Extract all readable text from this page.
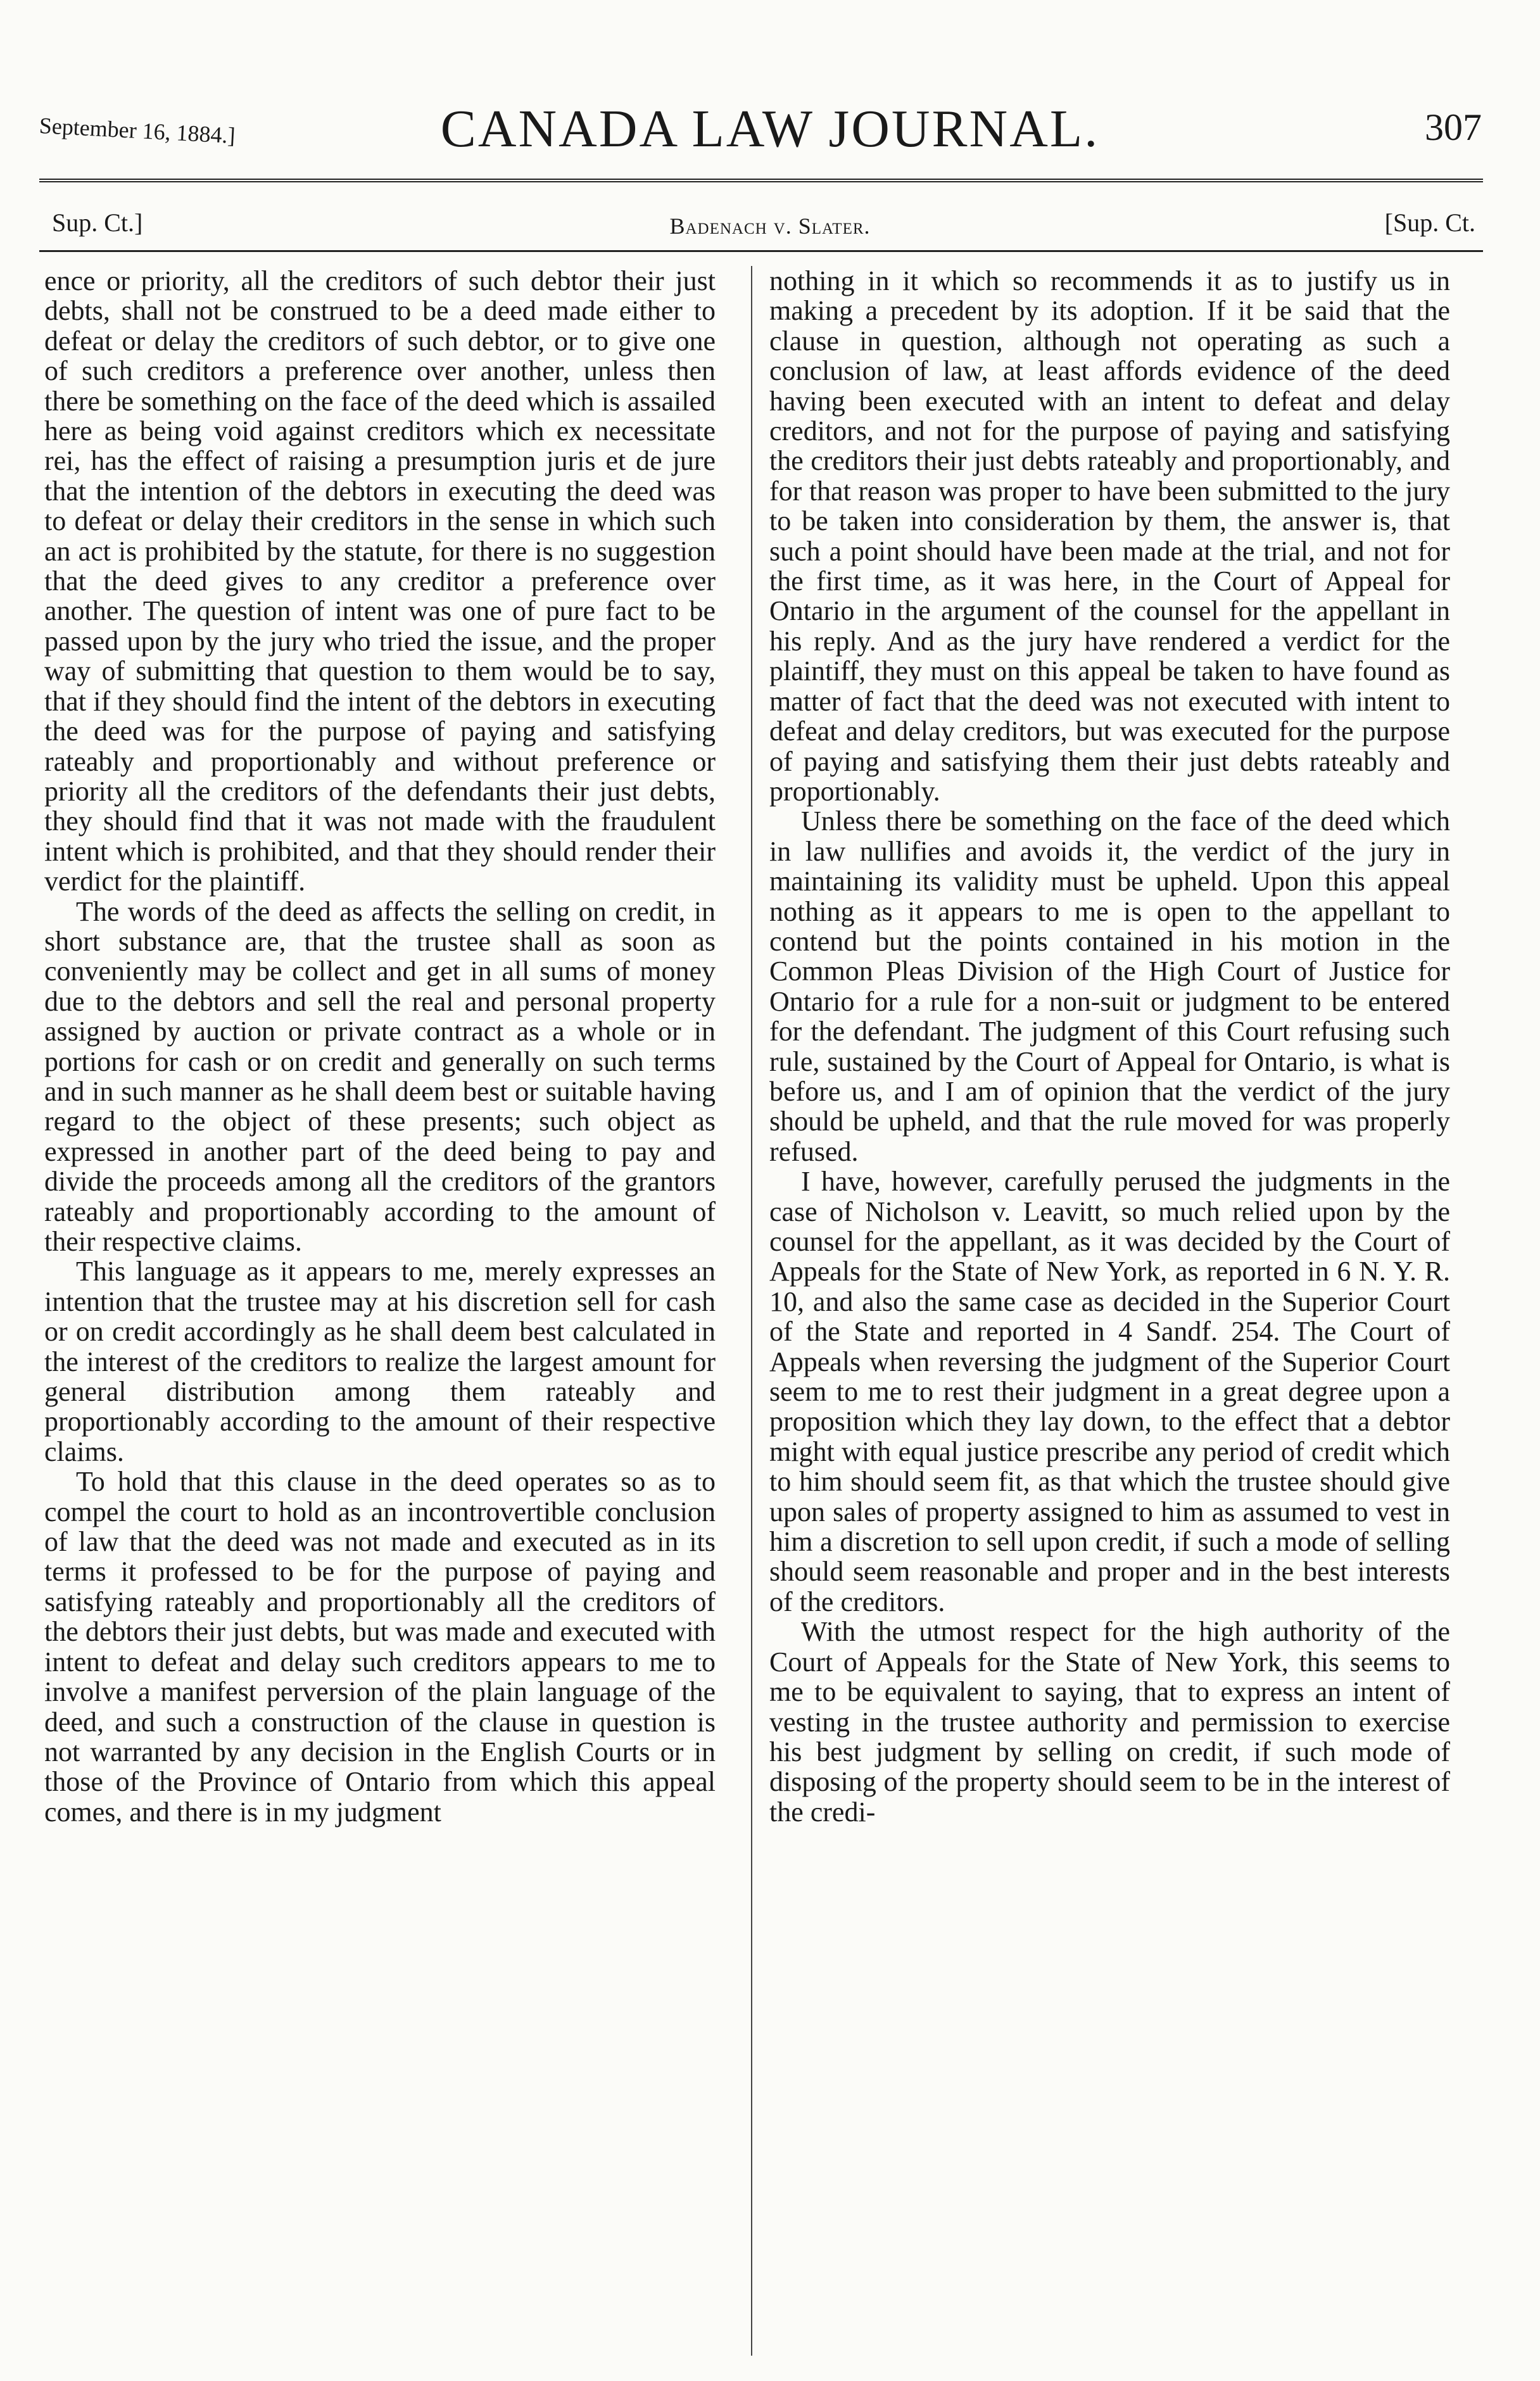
September 16, 1884.]	CANADA LAW JOURNAL.	307
Sup. Ct.]	Badenach v. Slater.	[Sup. Ct.

ence or priority, all the creditors of such debtor their just debts, shall not be construed to be a deed made either to defeat or delay the creditors of such debtor, or to give one of such creditors a preference over another, unless then there be something on the face of the deed which is assailed here as being void against creditors which ex necessitate rei, has the effect of raising a presumption juris et de jure that the intention of the debtors in executing the deed was to defeat or delay their creditors in the sense in which such an act is prohibited by the statute, for there is no suggestion that the deed gives to any creditor a preference over another. The question of intent was one of pure fact to be passed upon by the jury who tried the issue, and the proper way of submitting that question to them would be to say, that if they should find the intent of the debtors in executing the deed was for the purpose of paying and satisfying rateably and proportionably and without preference or priority all the creditors of the defendants their just debts, they should find that it was not made with the fraudulent intent which is prohibited, and that they should render their verdict for the plaintiff.

The words of the deed as affects the selling on credit, in short substance are, that the trustee shall as soon as conveniently may be collect and get in all sums of money due to the debtors and sell the real and personal property assigned by auction or private contract as a whole or in portions for cash or on credit and generally on such terms and in such manner as he shall deem best or suitable having regard to the object of these presents; such object as expressed in another part of the deed being to pay and divide the proceeds among all the creditors of the grantors rateably and proportionably according to the amount of their respective claims.

This language as it appears to me, merely expresses an intention that the trustee may at his discretion sell for cash or on credit accordingly as he shall deem best calculated in the interest of the creditors to realize the largest amount for general distribution among them rateably and proportionably according to the amount of their respective claims.

To hold that this clause in the deed operates so as to compel the court to hold as an incontrovertible conclusion of law that the deed was not made and executed as in its terms it professed to be for the purpose of paying and satisfying rateably and proportionably all the creditors of the debtors their just debts, but was made and executed with intent to defeat and delay such creditors appears to me to involve a manifest perversion of the plain language of the deed, and such a construction of the clause in question is not warranted by any decision in the English Courts or in those of the Province of Ontario from which this appeal comes, and there is in my judgment

nothing in it which so recommends it as to justify us in making a precedent by its adoption. If it be said that the clause in question, although not operating as such a conclusion of law, at least affords evidence of the deed having been executed with an intent to defeat and delay creditors, and not for the purpose of paying and satisfying the creditors their just debts rateably and proportionably, and for that reason was proper to have been submitted to the jury to be taken into consideration by them, the answer is, that such a point should have been made at the trial, and not for the first time, as it was here, in the Court of Appeal for Ontario in the argument of the counsel for the appellant in his reply. And as the jury have rendered a verdict for the plaintiff, they must on this appeal be taken to have found as matter of fact that the deed was not executed with intent to defeat and delay creditors, but was executed for the purpose of paying and satisfying them their just debts rateably and proportionably.

Unless there be something on the face of the deed which in law nullifies and avoids it, the verdict of the jury in maintaining its validity must be upheld. Upon this appeal nothing as it appears to me is open to the appellant to contend but the points contained in his motion in the Common Pleas Division of the High Court of Justice for Ontario for a rule for a non-suit or judgment to be entered for the defendant. The judgment of this Court refusing such rule, sustained by the Court of Appeal for Ontario, is what is before us, and I am of opinion that the verdict of the jury should be upheld, and that the rule moved for was properly refused.

I have, however, carefully perused the judgments in the case of Nicholson v. Leavitt, so much relied upon by the counsel for the appellant, as it was decided by the Court of Appeals for the State of New York, as reported in 6 N. Y. R. 10, and also the same case as decided in the Superior Court of the State and reported in 4 Sandf. 254. The Court of Appeals when reversing the judgment of the Superior Court seem to me to rest their judgment in a great degree upon a proposition which they lay down, to the effect that a debtor might with equal justice prescribe any period of credit which to him should seem fit, as that which the trustee should give upon sales of property assigned to him as assumed to vest in him a discretion to sell upon credit, if such a mode of selling should seem reasonable and proper and in the best interests of the creditors.

With the utmost respect for the high authority of the Court of Appeals for the State of New York, this seems to me to be equivalent to saying, that to express an intent of vesting in the trustee authority and permission to exercise his best judgment by selling on credit, if such mode of disposing of the property should seem to be in the interest of the credi-
